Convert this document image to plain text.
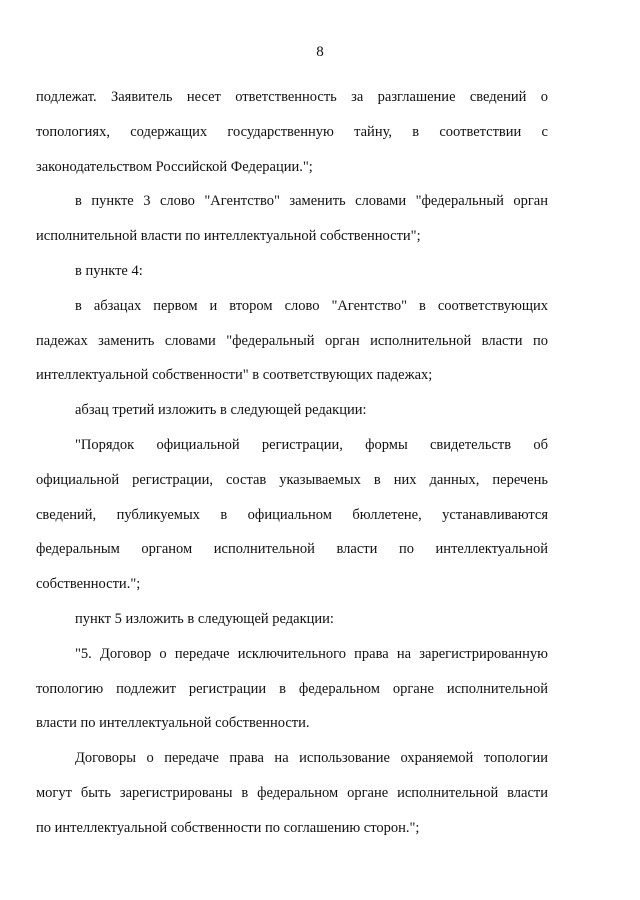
8
подлежат. Заявитель несет ответственность за разглашение сведений о
топологиях, содержащих государственную тайну, в соответствии с
законодательством Российской Федерации.";
в пункте 3 слово "Агентство" заменить словами "федеральный орган
исполнительной власти по интеллектуальной собственности";
в пункте 4:
в абзацах первом и втором слово "Агентство" в соответствующих
падежах заменить словами "федеральный орган исполнительной власти по
интеллектуальной собственности" в соответствующих падежах;
абзац третий изложить в следующей редакции:
"Порядок официальной регистрации, формы свидетельств об
официальной регистрации, состав указываемых в них данных, перечень
сведений, публикуемых в официальном бюллетене, устанавливаются
федеральным органом исполнительной власти по интеллектуальной
собственности.";
пункт 5 изложить в следующей редакции:
"5. Договор о передаче исключительного права на зарегистрированную
топологию подлежит регистрации в федеральном органе исполнительной
власти по интеллектуальной собственности.
Договоры о передаче права на использование охраняемой топологии
могут быть зарегистрированы в федеральном органе исполнительной власти
по интеллектуальной собственности по соглашению сторон.";
